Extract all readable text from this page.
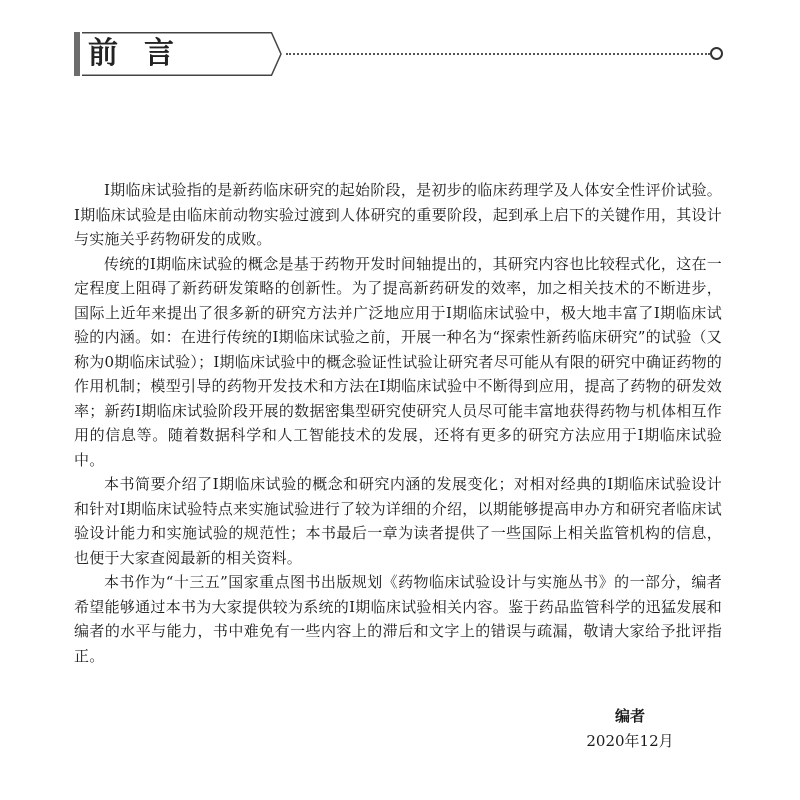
前言

Ⅰ期临床试验指的是新药临床研究的起始阶段，是初步的临床药理学及人体安全性评价试验。Ⅰ期临床试验是由临床前动物实验过渡到人体研究的重要阶段，起到承上启下的关键作用，其设计与实施关乎药物研发的成败。

传统的Ⅰ期临床试验的概念是基于药物开发时间轴提出的，其研究内容也比较程式化，这在一定程度上阻碍了新药研发策略的创新性。为了提高新药研发的效率，加之相关技术的不断进步，国际上近年来提出了很多新的研究方法并广泛地应用于Ⅰ期临床试验中，极大地丰富了Ⅰ期临床试验的内涵。如：在进行传统的Ⅰ期临床试验之前，开展一种名为“探索性新药临床研究”的试验（又称为0期临床试验）；Ⅰ期临床试验中的概念验证性试验让研究者尽可能从有限的研究中确证药物的作用机制；模型引导的药物开发技术和方法在Ⅰ期临床试验中不断得到应用，提高了药物的研发效率；新药Ⅰ期临床试验阶段开展的数据密集型研究使研究人员尽可能丰富地获得药物与机体相互作用的信息等。随着数据科学和人工智能技术的发展，还将有更多的研究方法应用于Ⅰ期临床试验中。

本书简要介绍了Ⅰ期临床试验的概念和研究内涵的发展变化；对相对经典的Ⅰ期临床试验设计和针对Ⅰ期临床试验特点来实施试验进行了较为详细的介绍，以期能够提高申办方和研究者临床试验设计能力和实施试验的规范性；本书最后一章为读者提供了一些国际上相关监管机构的信息，也便于大家查阅最新的相关资料。

本书作为“十三五”国家重点图书出版规划《药物临床试验设计与实施丛书》的一部分，编者希望能够通过本书为大家提供较为系统的Ⅰ期临床试验相关内容。鉴于药品监管科学的迅猛发展和编者的水平与能力，书中难免有一些内容上的滞后和文字上的错误与疏漏，敬请大家给予批评指正。

编者
2020年12月
